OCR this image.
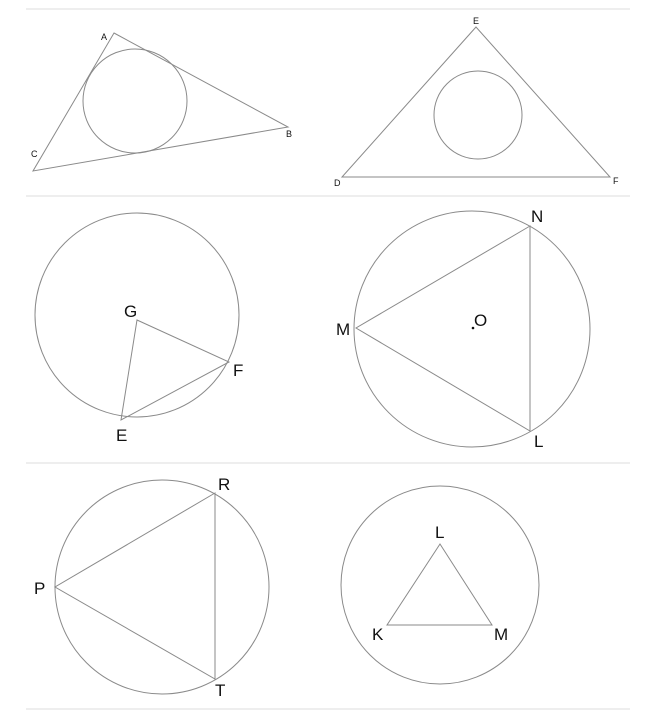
A
B
C
E
D	F
G
F
E
N
M	O
L
R
P
T
L
K	M
